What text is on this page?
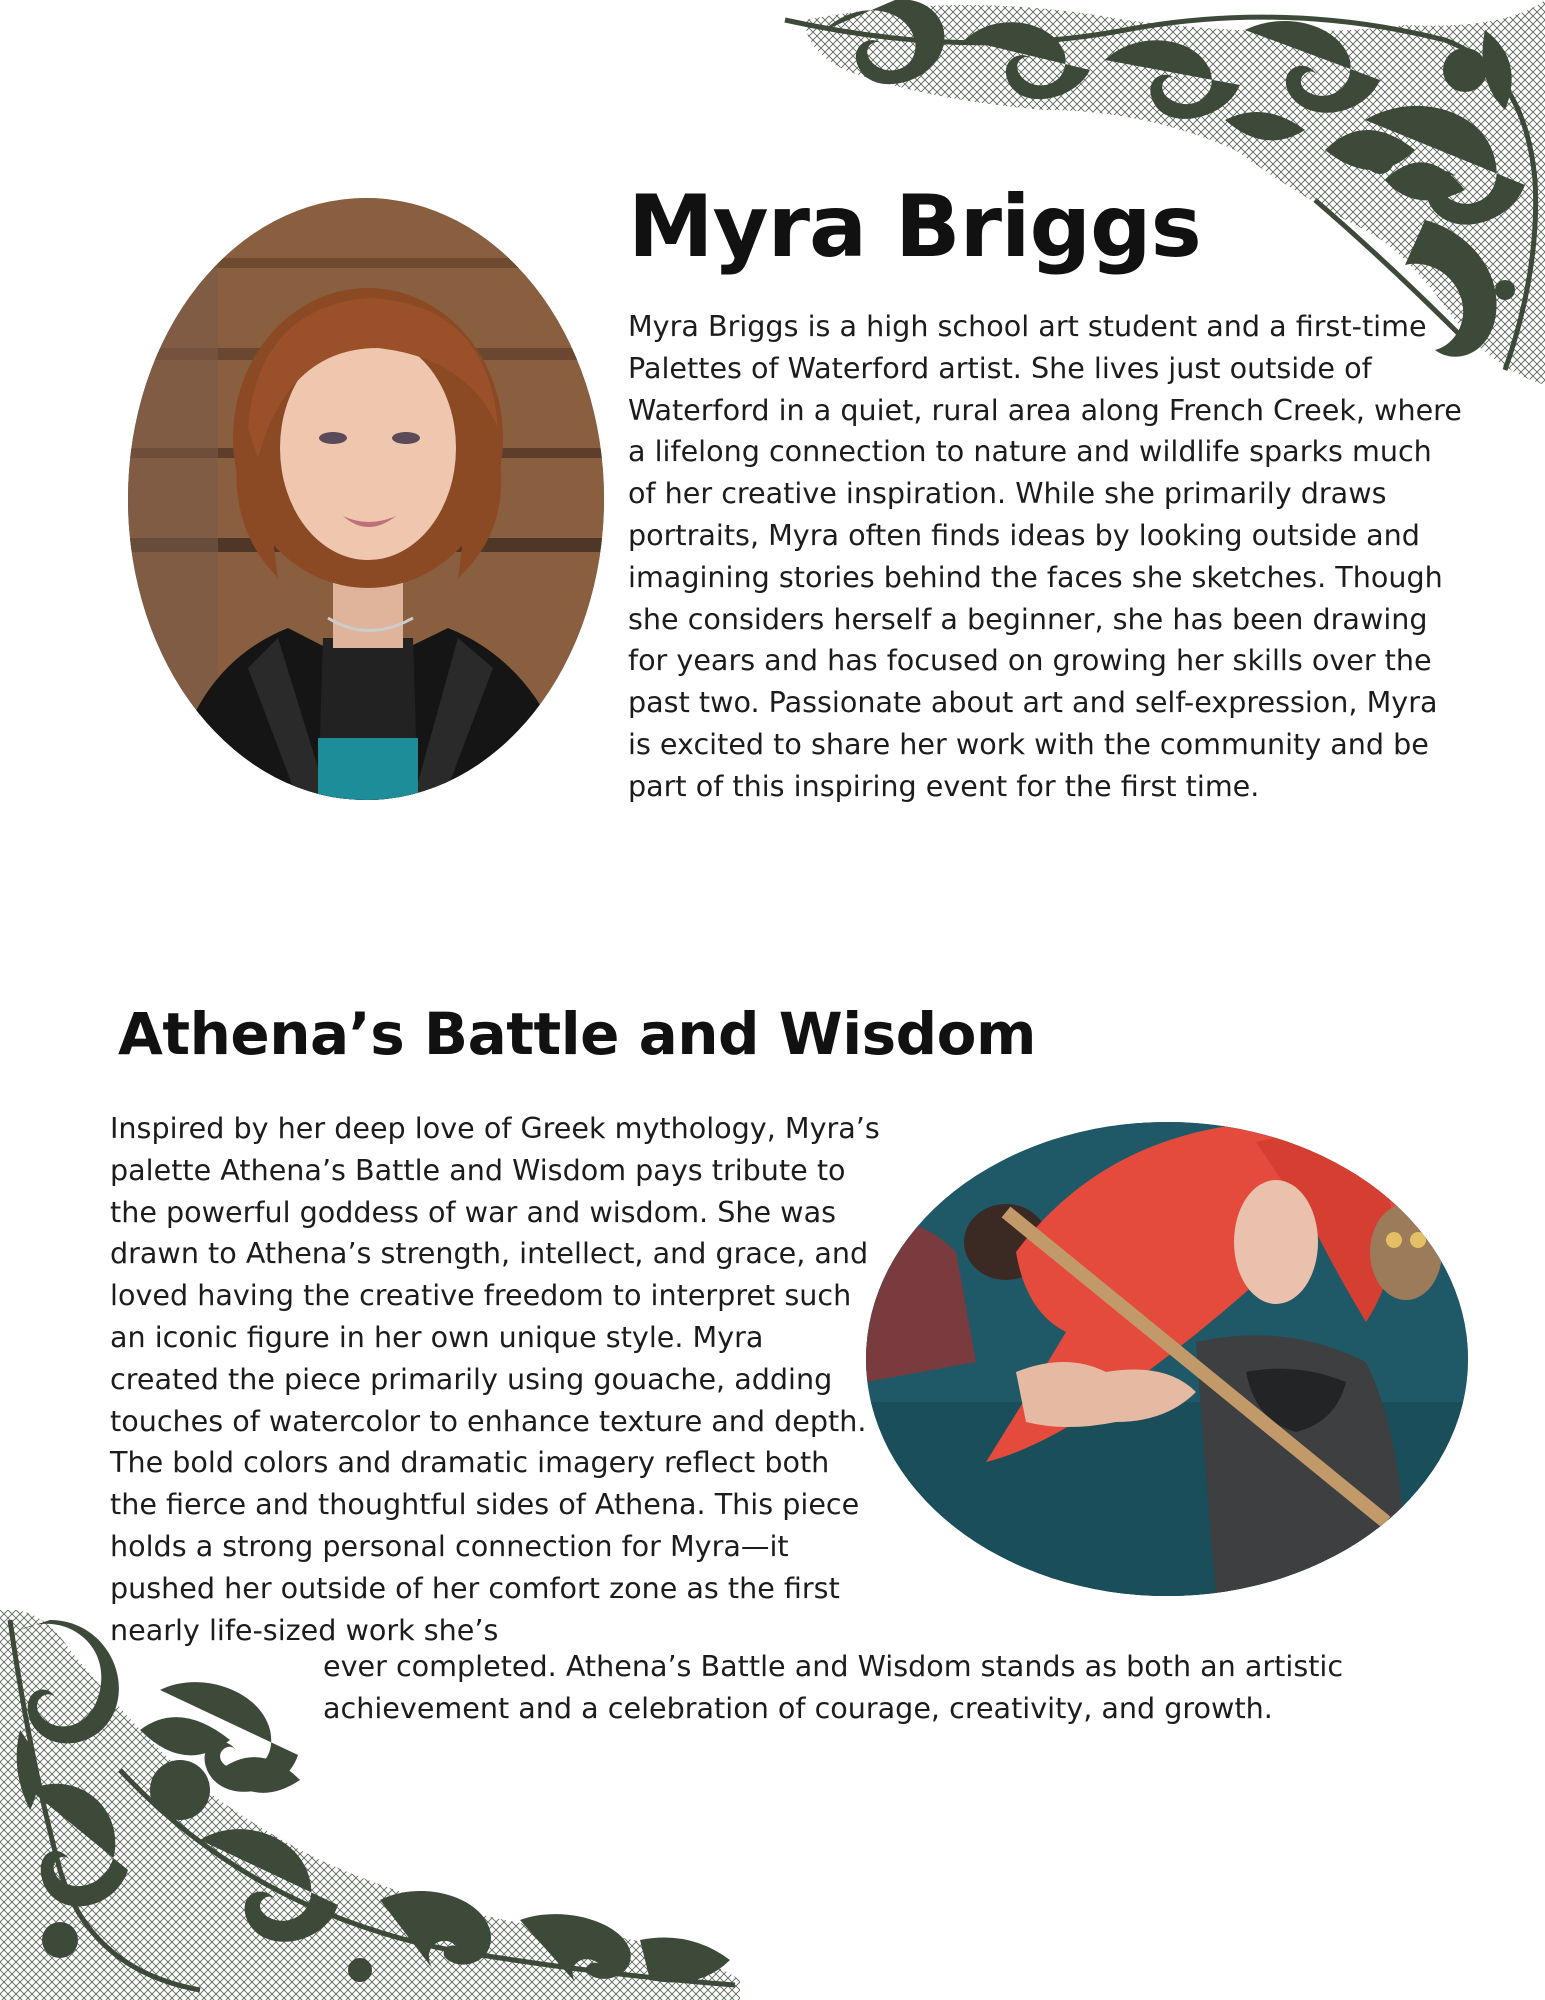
Myra Briggs

Myra Briggs is a high school art student and a first-time Palettes of Waterford artist. She lives just outside of Waterford in a quiet, rural area along French Creek, where a lifelong connection to nature and wildlife sparks much of her creative inspiration. While she primarily draws portraits, Myra often finds ideas by looking outside and imagining stories behind the faces she sketches. Though she considers herself a beginner, she has been drawing for years and has focused on growing her skills over the past two. Passionate about art and self-expression, Myra is excited to share her work with the community and be part of this inspiring event for the first time.

Athena’s Battle and Wisdom

Inspired by her deep love of Greek mythology, Myra’s palette Athena’s Battle and Wisdom pays tribute to the powerful goddess of war and wisdom. She was drawn to Athena’s strength, intellect, and grace, and loved having the creative freedom to interpret such an iconic figure in her own unique style. Myra created the piece primarily using gouache, adding touches of watercolor to enhance texture and depth. The bold colors and dramatic imagery reflect both the fierce and thoughtful sides of Athena. This piece holds a strong personal connection for Myra—it pushed her outside of her comfort zone as the first nearly life-sized work she’s

ever completed. Athena’s Battle and Wisdom stands as both an artistic achievement and a celebration of courage, creativity, and growth.
